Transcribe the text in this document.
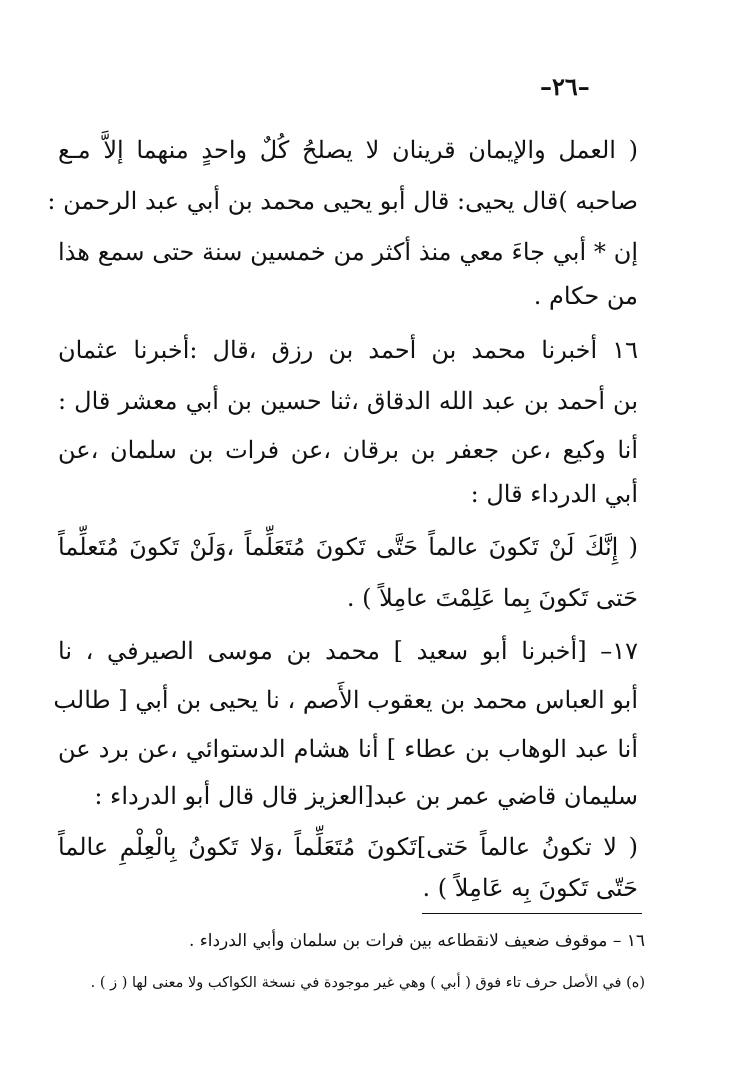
–٢٦–
( العمل والإيمان قرينان لا يصلحُ كُلٌ واحدٍ منهما إلاَّ مـع
صاحبه )قال يحيى: قال أبو يحيى محمد بن أبي عبد الرحمن :
إن * أبي جاءَ معي منذ أكثر من خمسين سنة حتى سمع هذا
من حكام .
١٦ أخبرنا محمد بن أحمد بن رزق ،قال :أخبرنا عثمان
بن أحمد بن عبد الله الدقاق ،ثنا حسين بن أبي معشر قال :
أنا وكيع ،عن جعفر بن برقان ،عن فرات بن سلمان ،عن
أبي الدرداء قال :
( إِنَّكَ لَنْ تَكونَ عالماً حَتَّى تَكونَ مُتَعَلِّماً ،وَلَنْ تَكونَ مُتَعلِّماً
حَتى تَكونَ بِما عَلِمْتَ عامِلاً ) .
١٧– [أخبرنا أبو سعيد ] محمد بن موسى الصيرفي ، نا
أبو العباس محمد بن يعقوب الأَصم ، نا يحيى بن أبي [ طالب
أنا عبد الوهاب بن عطاء ] أنا هشام الدستوائي ،عن برد عن
سليمان قاضي عمر بن عبد[العزيز قال قال أبو الدرداء :
( لا تكونُ عالماً حَتى]تَكونَ مُتَعَلِّماً ،وَلا تَكونُ بِالْعِلْمِ عالماً
حَتّى تَكونَ بِه عَامِلاً ) .
١٦ – موقوف ضعيف لانقطاعه بين فرات بن سلمان وأبي الدرداء .
(ه) في الأصل حرف تاء فوق ( أبي ) وهي غير موجودة في نسخة الكواكب ولا معنى لها ( ز ) .
